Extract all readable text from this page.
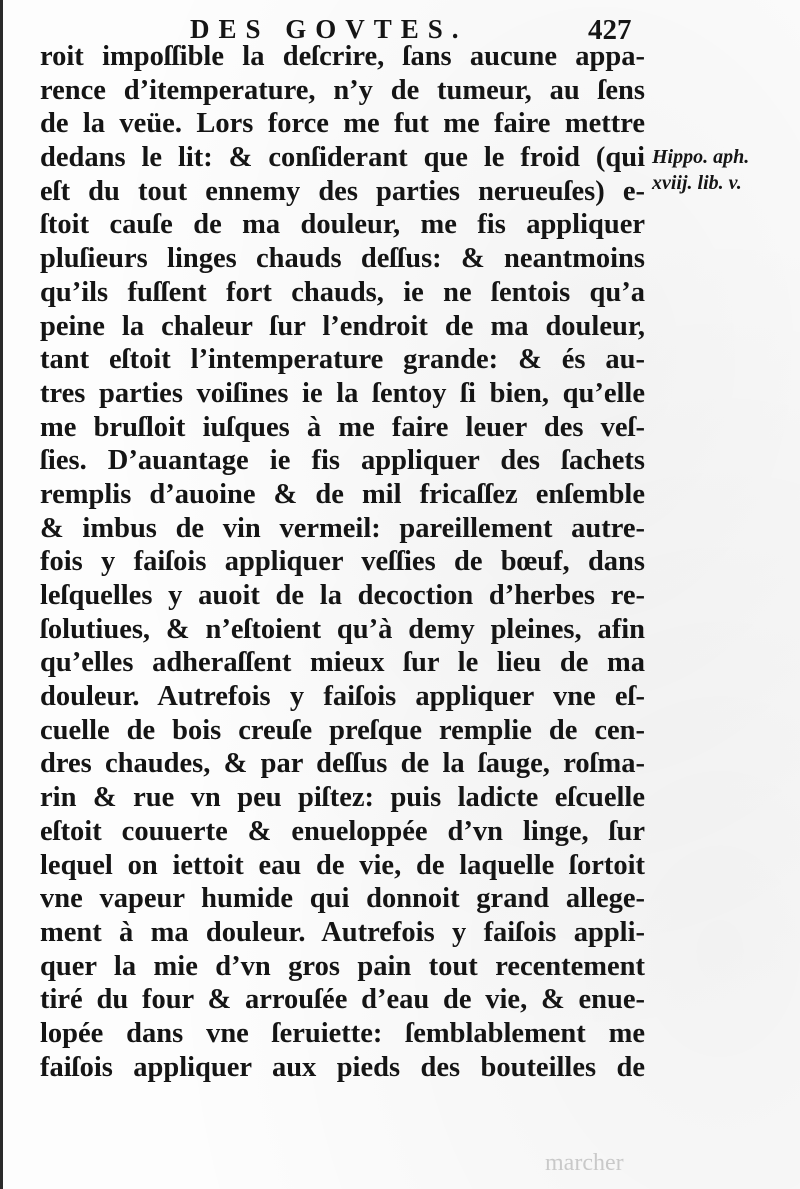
DES GOVTES.	427
roit impoſſible la deſcrire, ſans aucune appa-
rence d’itemperature, n’y de tumeur, au ſens
de la veüe. Lors force me fut me faire mettre
dedans le lit: & conſiderant que le froid (qui
eſt du tout ennemy des parties nerueuſes) e-
ſtoit cauſe de ma douleur, me fis appliquer
pluſieurs linges chauds deſſus: & neantmoins
qu’ils fuſſent fort chauds, ie ne ſentois qu’a
peine la chaleur ſur l’endroit de ma douleur,
tant eſtoit l’intemperature grande: & és au-
tres parties voiſines ie la ſentoy ſi bien, qu’elle
me bruſloit iuſques à me faire leuer des veſ-
ſies. D’auantage ie fis appliquer des ſachets
remplis d’auoine & de mil fricaſſez enſemble
& imbus de vin vermeil: pareillement autre-
fois y faiſois appliquer veſſies de bœuf, dans
leſquelles y auoit de la decoction d’herbes re-
ſolutiues, & n’eſtoient qu’à demy pleines, afin
qu’elles adheraſſent mieux ſur le lieu de ma
douleur. Autrefois y faiſois appliquer vne eſ-
cuelle de bois creuſe preſque remplie de cen-
dres chaudes, & par deſſus de la ſauge, roſma-
rin & rue vn peu piſtez: puis ladicte eſcuelle
eſtoit couuerte & enueloppée d’vn linge, ſur
lequel on iettoit eau de vie, de laquelle ſortoit
vne vapeur humide qui donnoit grand allege-
ment à ma douleur. Autrefois y faiſois appli-
quer la mie d’vn gros pain tout recentement
tiré du four & arrouſée d’eau de vie, & enue-
lopée dans vne ſeruiette: ſemblablement me
faiſois appliquer aux pieds des bouteilles de
Hippo. aph.
xviij. lib. v.
marcher
